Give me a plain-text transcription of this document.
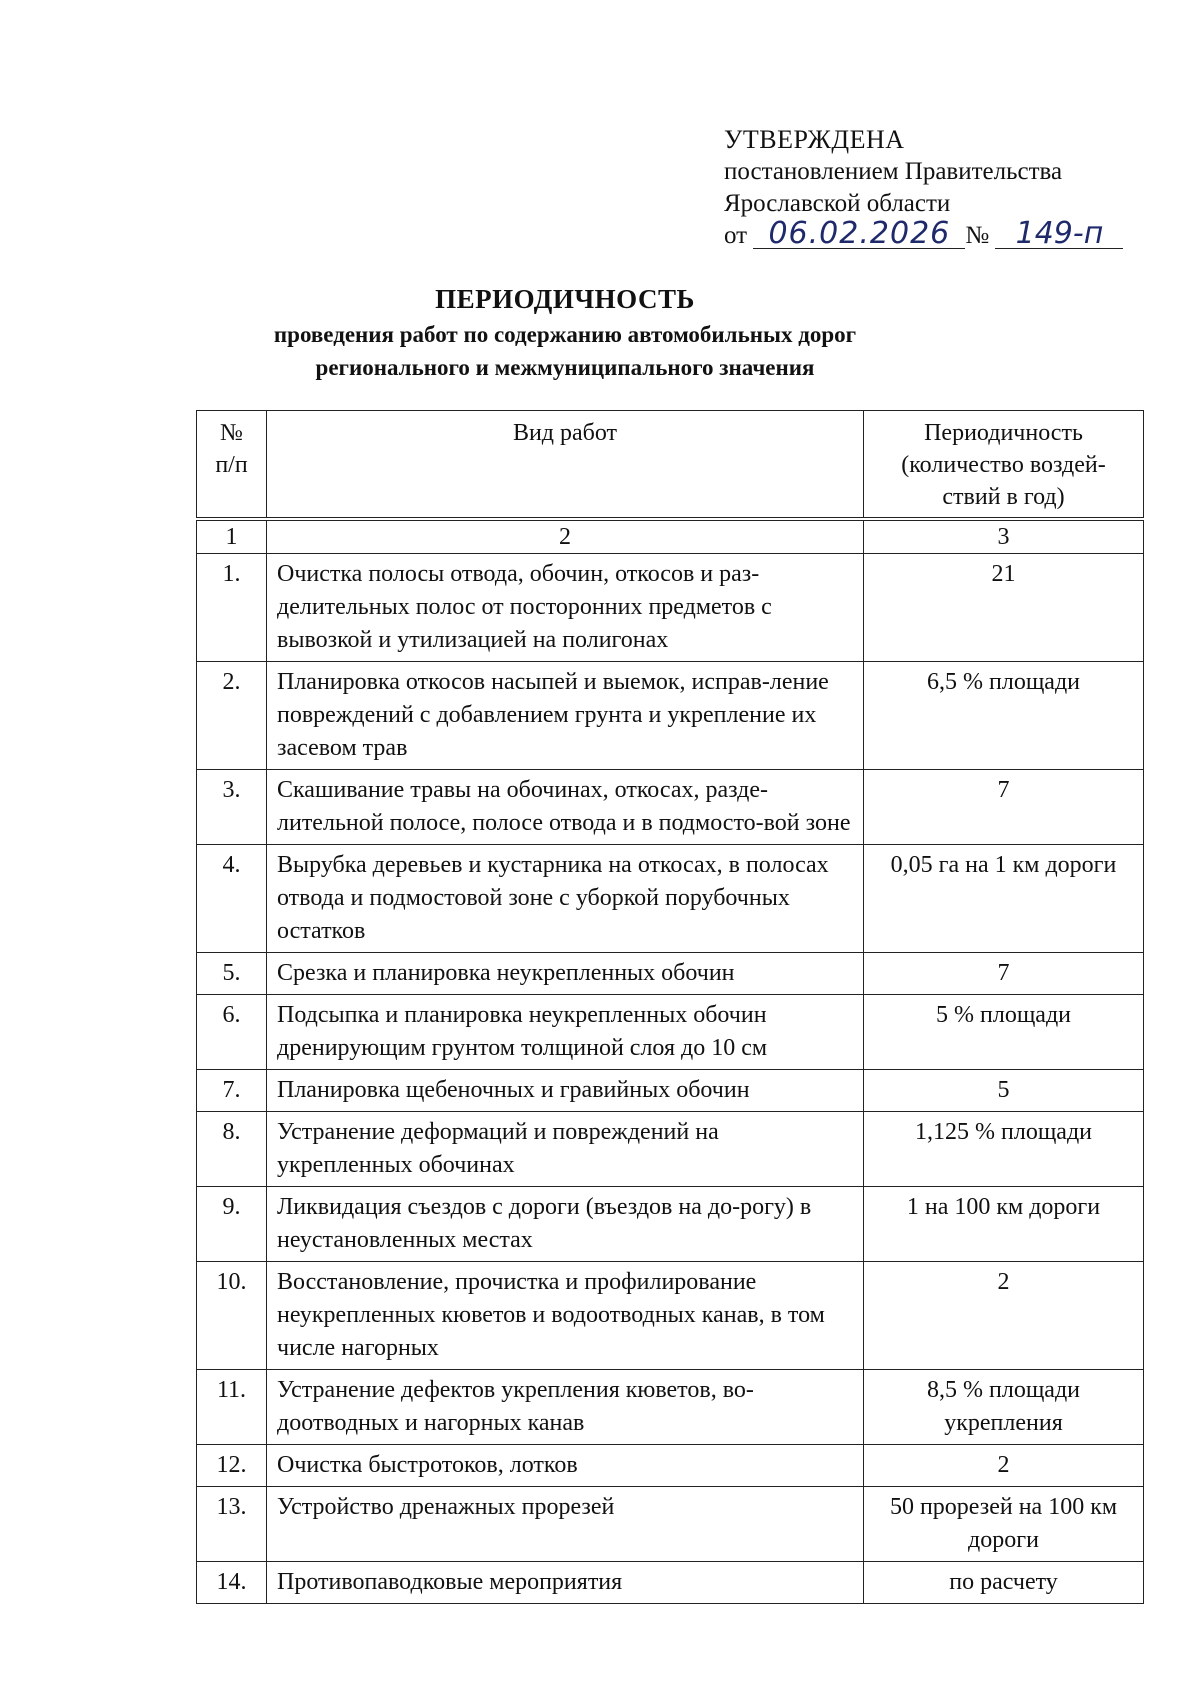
УТВЕРЖДЕНА
постановлением Правительства
Ярославской области
от 06.02.2026 № 149-п
ПЕРИОДИЧНОСТЬ
проведения работ по содержанию автомобильных дорог
регионального и межмуниципального значения
№
п/п	Вид работ	Периодичность (количество воздей-ствий в год)

1	2	3
1.	Очистка полосы отвода, обочин, откосов и раз-делительных полос от посторонних предметов с вывозкой и утилизацией на полигонах	21
2.	Планировка откосов насыпей и выемок, исправ-ление повреждений с добавлением грунта и укрепление их засевом трав	6,5 % площади
3.	Скашивание травы на обочинах, откосах, разде-лительной полосе, полосе отвода и в подмосто-вой зоне	7
4.	Вырубка деревьев и кустарника на откосах, в полосах отвода и подмостовой зоне с уборкой порубочных остатков	0,05 га на 1 км дороги
5.	Срезка и планировка неукрепленных обочин	7
6.	Подсыпка и планировка неукрепленных обочин дренирующим грунтом толщиной слоя до 10 см	5 % площади
7.	Планировка щебеночных и гравийных обочин	5
8.	Устранение деформаций и повреждений на укрепленных обочинах	1,125 % площади
9.	Ликвидация съездов с дороги (въездов на до-рогу) в неустановленных местах	1 на 100 км дороги
10.	Восстановление, прочистка и профилирование неукрепленных кюветов и водоотводных канав, в том числе нагорных	2
11.	Устранение дефектов укрепления кюветов, во-доотводных и нагорных канав	8,5 % площади укрепления
12.	Очистка быстротоков, лотков	2
13.	Устройство дренажных прорезей	50 прорезей на 100 км дороги
14.	Противопаводковые мероприятия	по расчету
